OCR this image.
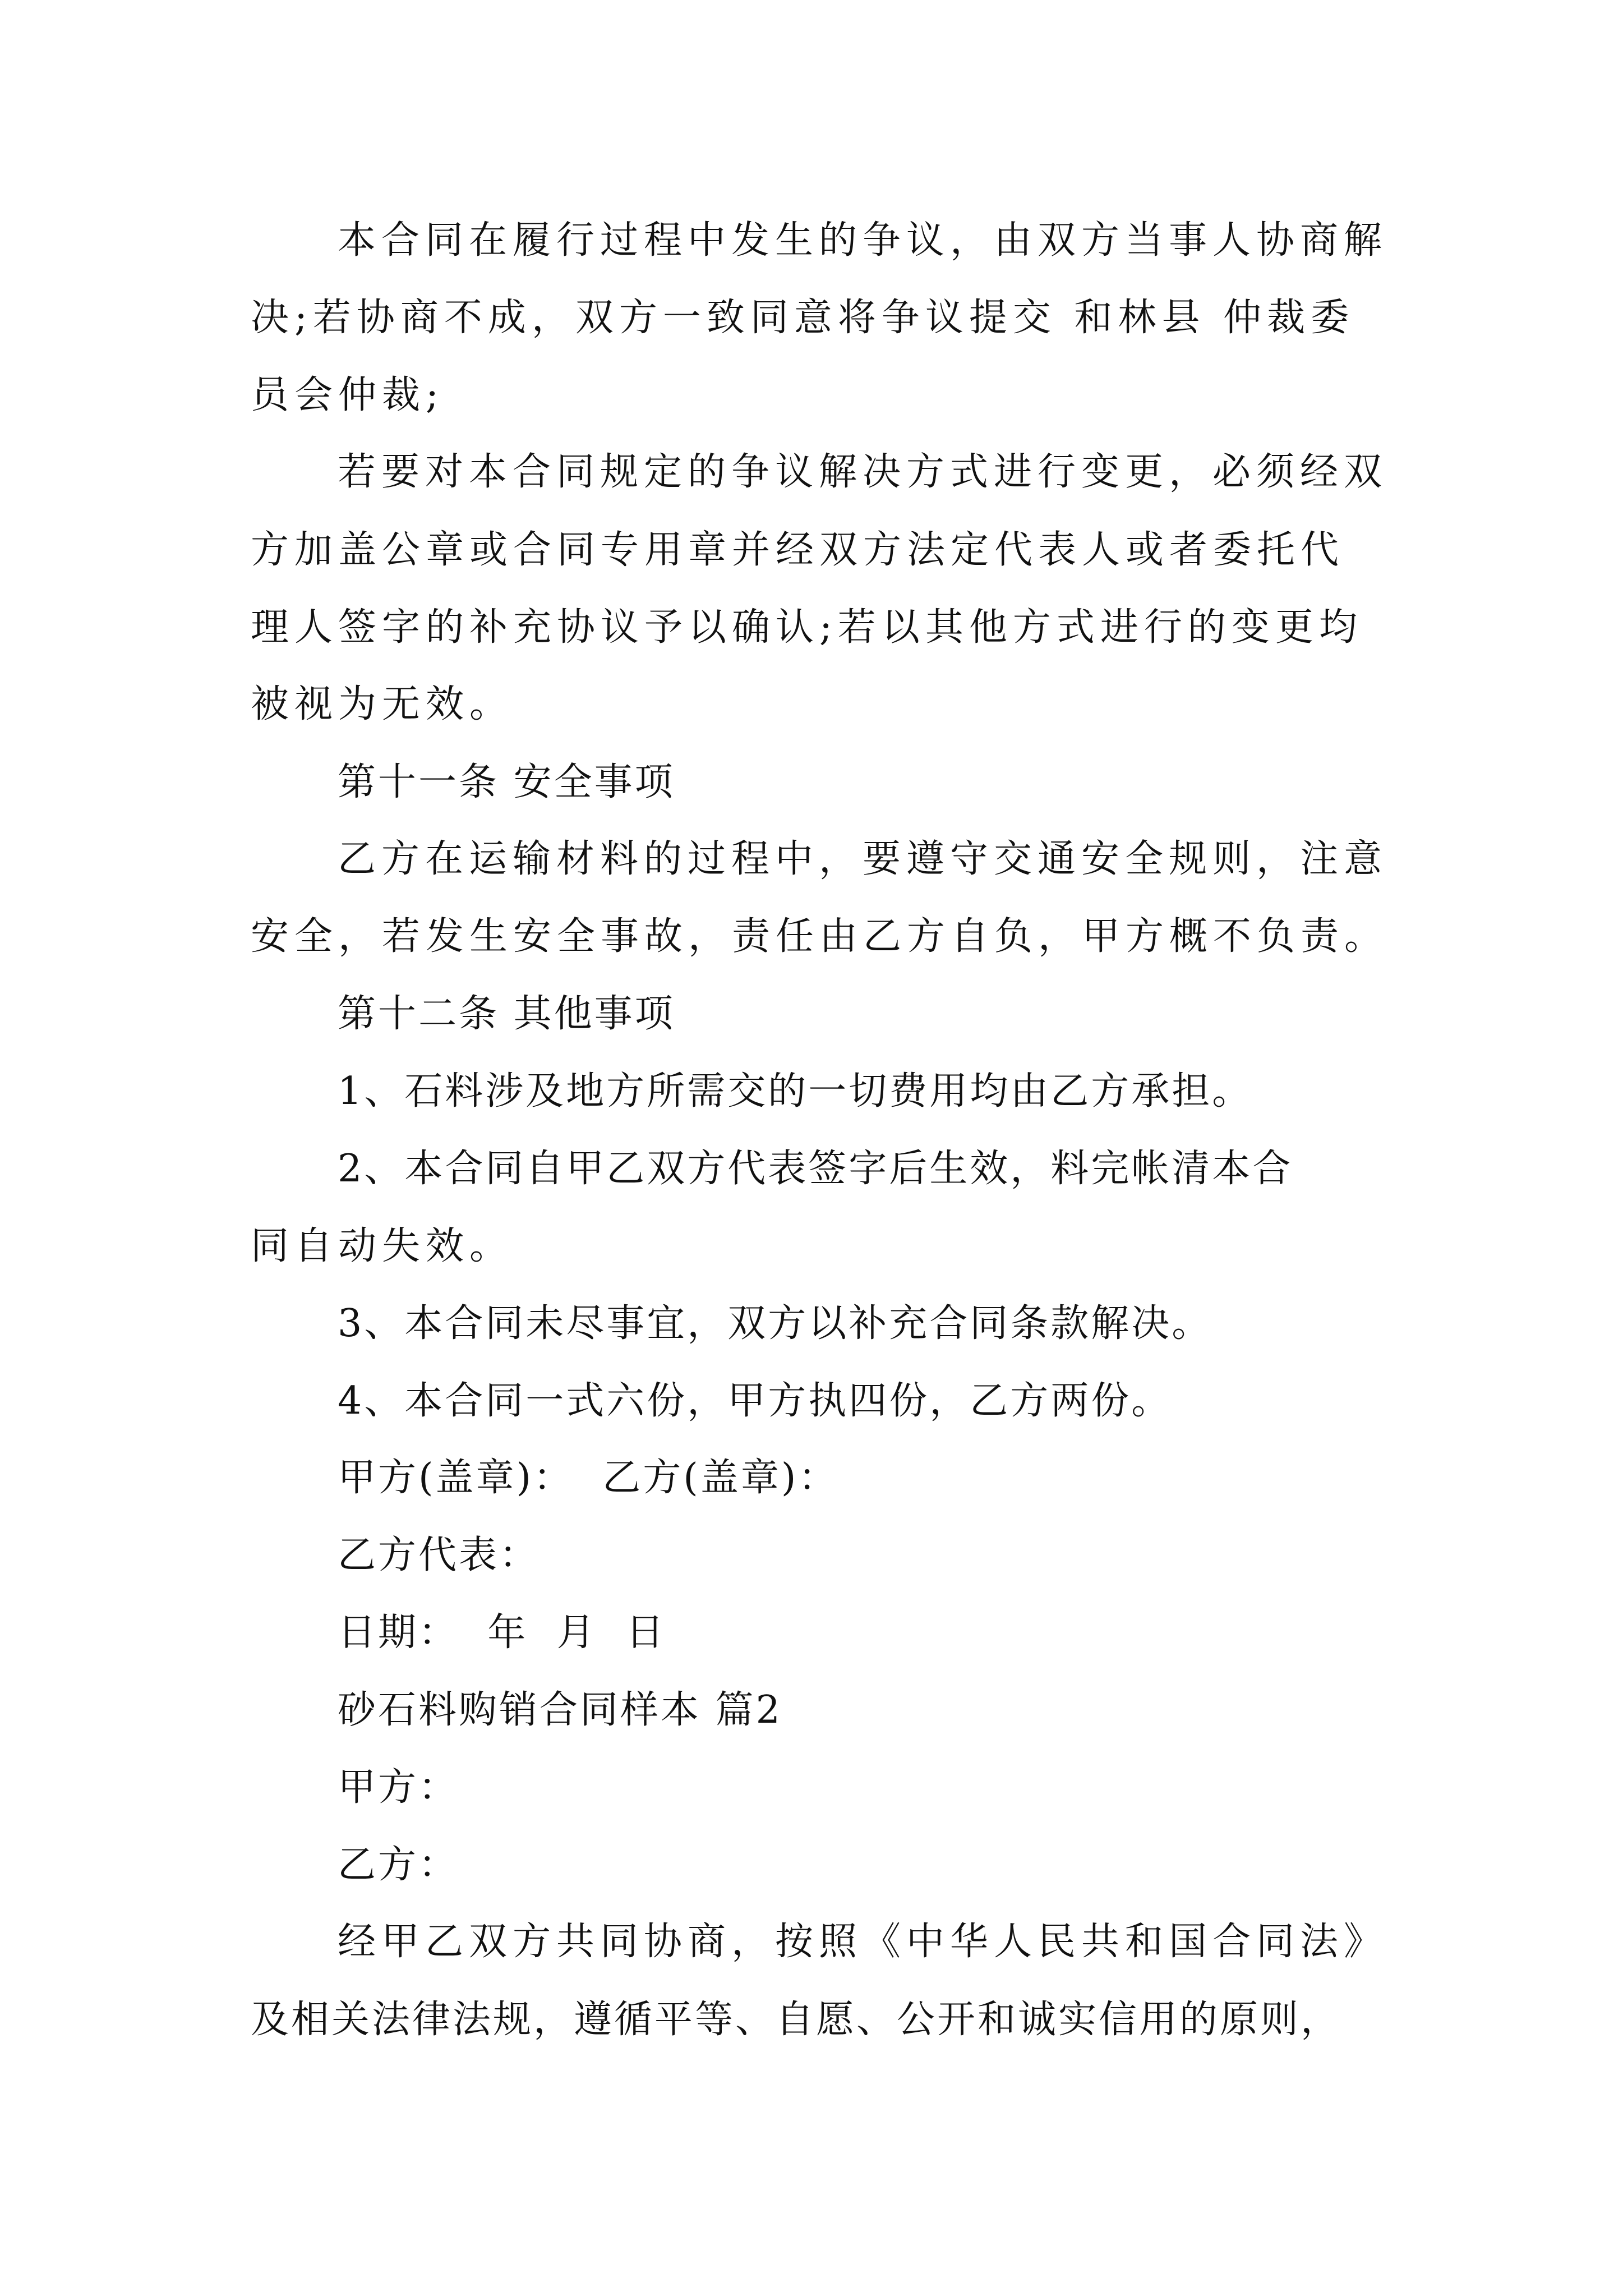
本合同在履行过程中发生的争议，由双方当事人协商解
决;若协商不成，双方一致同意将争议提交 和林县 仲裁委
员会仲裁;
若要对本合同规定的争议解决方式进行变更，必须经双
方加盖公章或合同专用章并经双方法定代表人或者委托代
理人签字的补充协议予以确认;若以其他方式进行的变更均
被视为无效。
第十一条 安全事项
乙方在运输材料的过程中，要遵守交通安全规则，注意
安全，若发生安全事故，责任由乙方自负，甲方概不负责。
第十二条 其他事项
1、石料涉及地方所需交的一切费用均由乙方承担。
2、本合同自甲乙双方代表签字后生效，料完帐清本合
同自动失效。
3、本合同未尽事宜，双方以补充合同条款解决。
4、本合同一式六份，甲方执四份，乙方两份。
甲方(盖章)：  乙方(盖章)：
乙方代表：
日期：  年  月  日
砂石料购销合同样本 篇2
甲方：
乙方：
经甲乙双方共同协商，按照《中华人民共和国合同法》
及相关法律法规，遵循平等、自愿、公开和诚实信用的原则，
